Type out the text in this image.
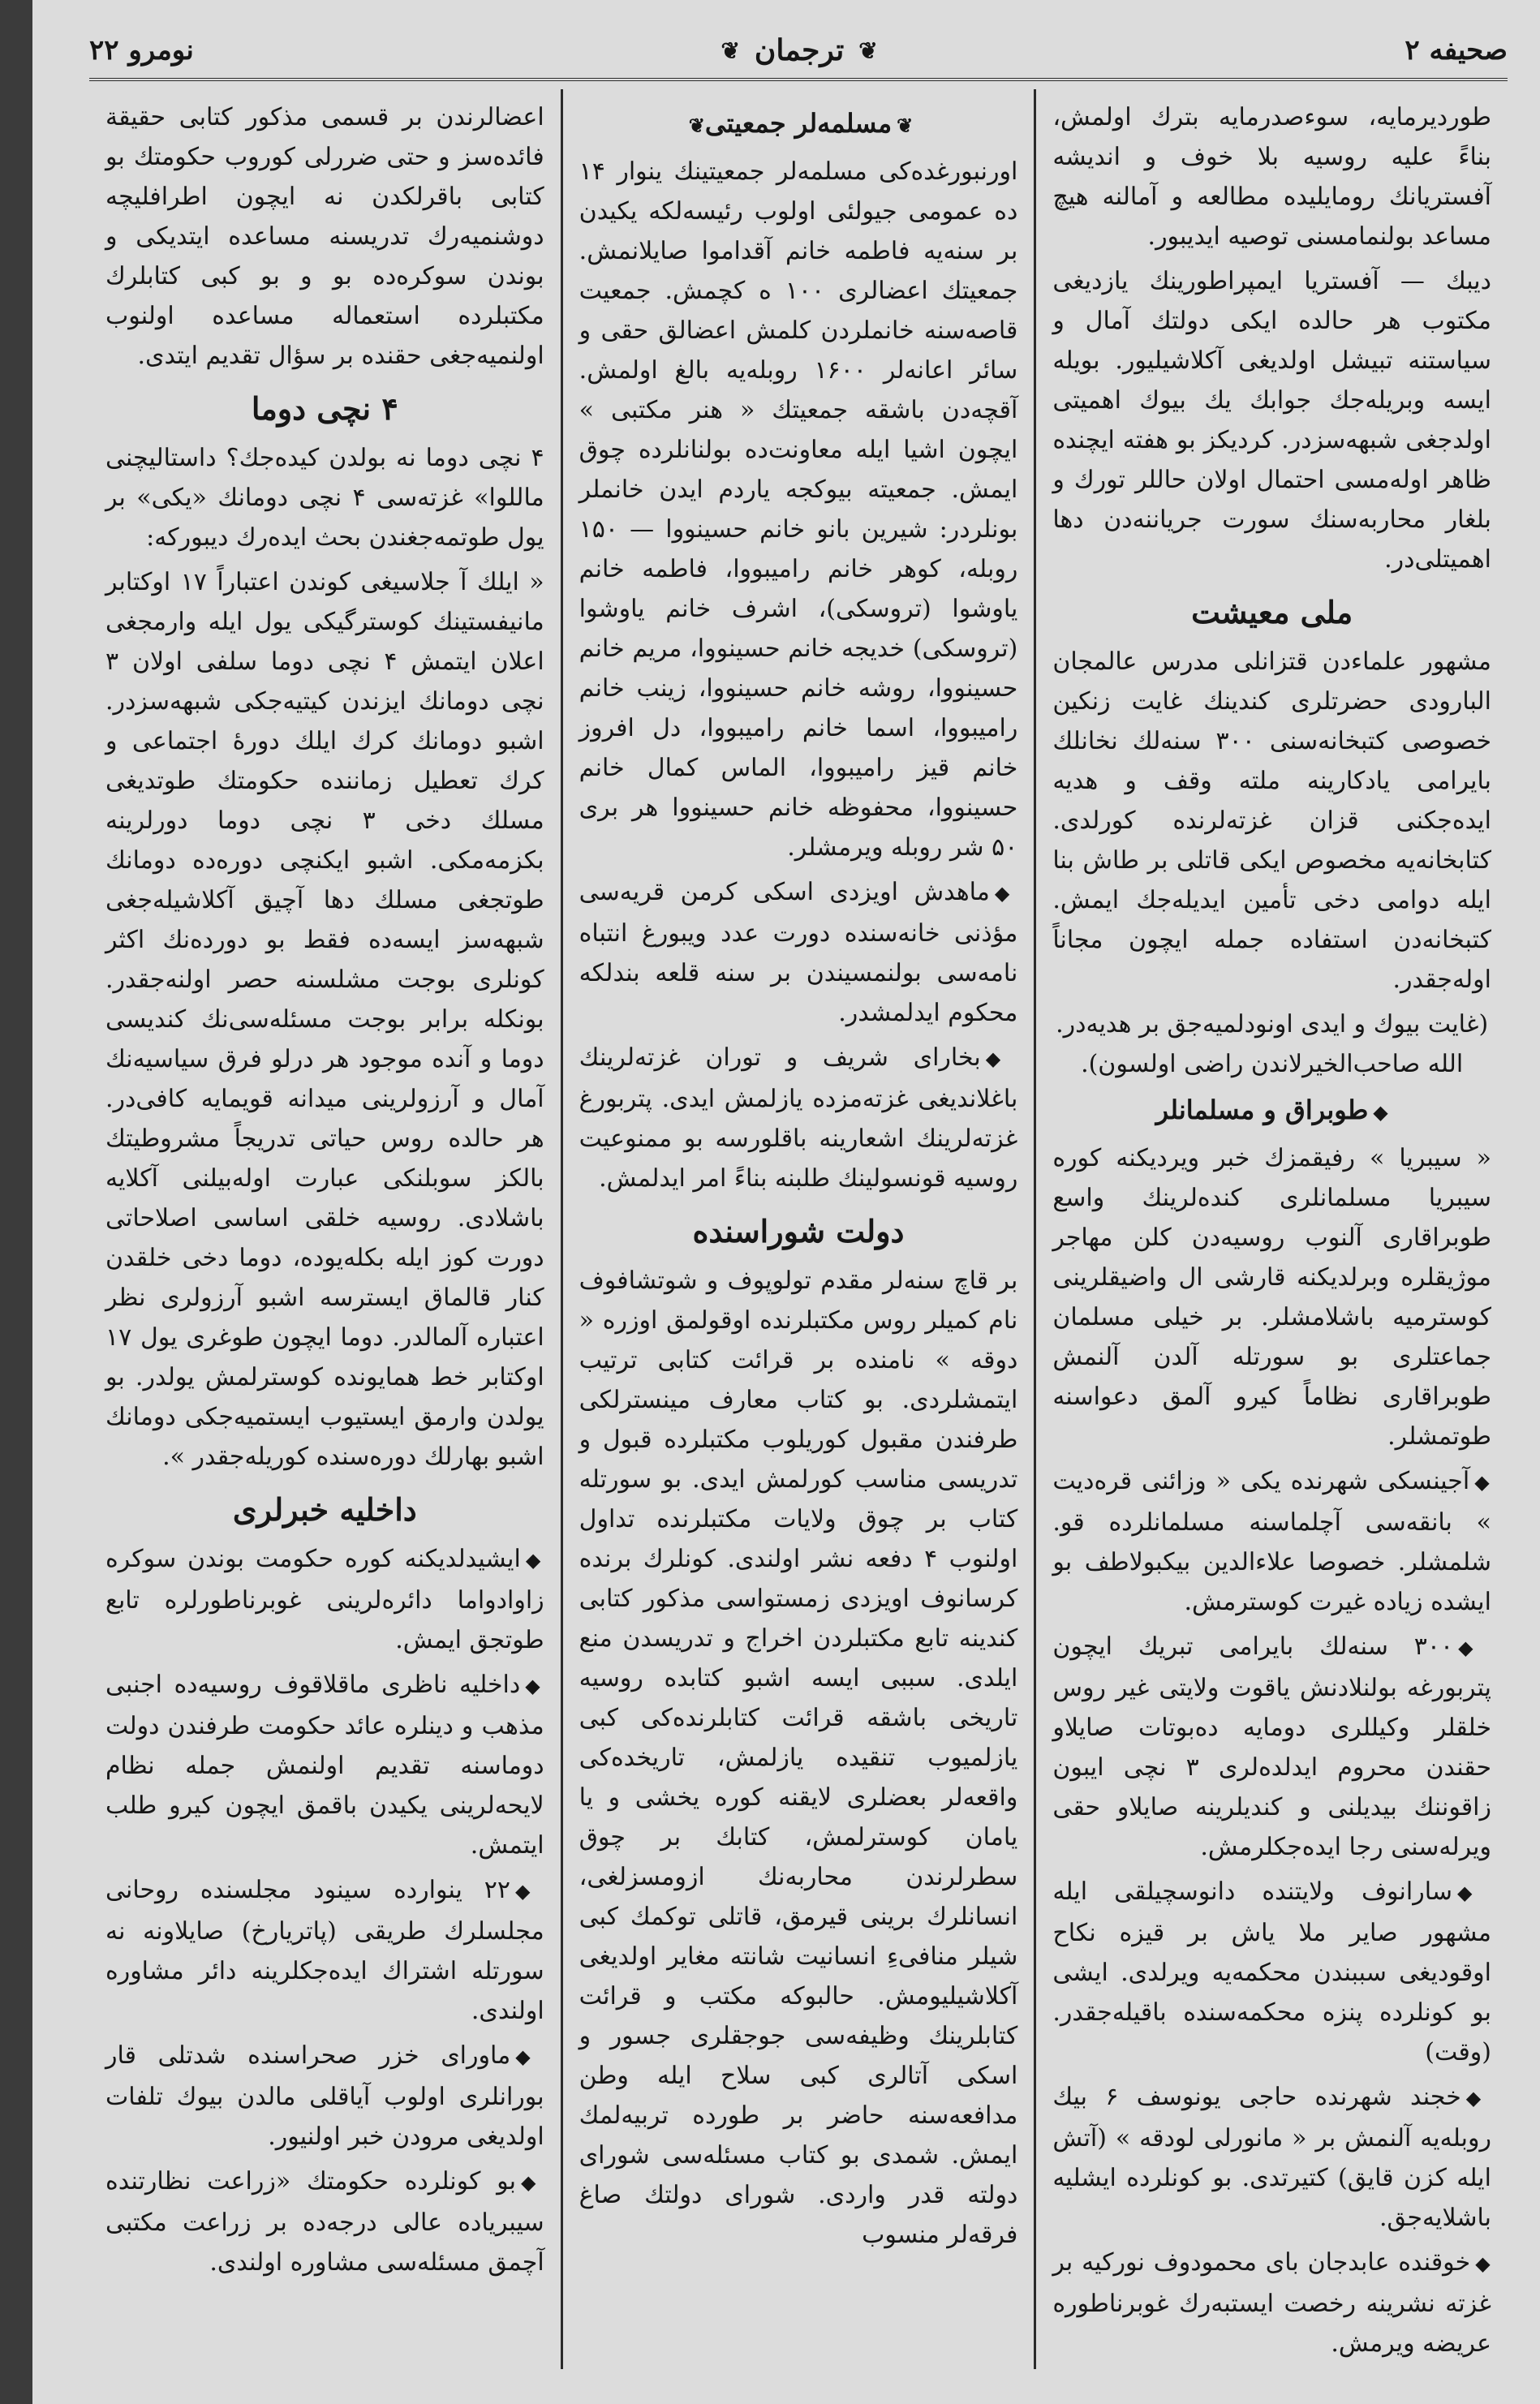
صحیفه ۲
❦
ترجمان
❦
نومرو ۲۲

طورديرمايه، سوءصدرمايه بترك اولمش، بناءً عليه روسيه بلا خوف و اندیشه آفستریانك رومایلیده مطالعه و آمالنه هيچ مساعد بولنمامسنی توصیه ایدیبور.

دیبك — آفستریا ایمپراطورینك یازدیغی مکتوب هر حالده ایكی دولتك آمال و سیاستنه تبیشل اولدیغی آكلاشیلیور. بویله ایسه وبریله‌جك جوابك یك بیوك اهمیتی اولدجغی شبهه‌سزدر. كردیكز بو هفته ایچنده ظاهر اوله‌مسی احتمال اولان حاللر تورك و بلغار محاربه‌سنك سورت جریاننه‌دن دها اهمیتلی‌در.

ملی معیشت

مشهور علماءدن قتزانلی مدرس عالمجان البارودی حضرتلری كندینك غایت زنكین خصوصی كتبخانه‌سنی ۳۰۰ سنه‌لك نخانلك بایرامی یادکارینه ملته وقف و هدیه ایده‌جکنی قزان غزته‌لرنده کورلدی. كتابخانه‌یه مخصوص ایكی قاتلی بر طاش بنا ایله دوامی دخی تأمین ایدیله‌جك ایمش. كتبخانه‌دن استفاده جمله ایچون مجاناً اوله‌جقدر.

(غایت بیوك و ایدی اونودلمیه‌جق بر هدیه‌در. الله صاحب‌الخیرلاندن راضی اولسون).

◆طوبراق و مسلمانلر

« سیبریا » رفیقمزك خبر ویردیکنه کوره سیبریا مسلمانلری کنده‌لرینك واسع طوبراقاری آلنوب روسیه‌دن کلن مهاجر موژیقلره وبرلدیکنه قارشی ال واضیقلرینی کوسترمیه باشلامشلر. بر خیلی مسلمان جماعتلری بو سورتله آلدن آلنمش طوبراقاری نظاماً کیرو آلمق دعواسنه طوتمشلر.

◆آجینسکی شهرنده یکی « وزائنی قره‌دیت » بانقه‌سی آچلماسنه مسلمانلرده قو. شلمشلر. خصوصا علاءالدین بیکبولاطف بو ایشده زیاده غیرت کوسترمش.

◆۳۰۰ سنه‌لك بایرامی تبریك ایچون پتربورغه بولنلادنش یاقوت ولایتی غیر روس خلقلر وکیللری دومایه ده‌بوتات صایلاو حقندن محروم ایدلده‌لری ۳ نچی ایبون زاقوننك بیدیلنی و کندیلرینه صایلاو حقی ویرله‌سنی رجا ایده‌جکلرمش.

◆سارانوف ولایتنده دانوسچیلقی ایله مشهور صایر ملا یاش بر قیزه نکاح اوقودیغی سببندن محکمه‌یه ویرلدی. ایشی بو کونلرده پنزه محکمه‌سنده باقیله‌جقدر. (وقت)

◆خجند شهرنده حاجی یونوسف ۶ بیك روبله‌یه آلنمش بر « مانورلی لودقه » (آتش ایله کزن قایق) کتیرتدی. بو کونلرده ایشلیه باشلایه‌جق.

◆خوقنده عابدجان بای محمودوف نورکیه بر غزته نشرینه رخصت ایستبه‌رك غوبرناطوره عریضه ویرمش.

❦مسلمه‌لر جمعیتی❦

اورنبورغده‌کی مسلمه‌لر جمعیتینك ینوار ۱۴ ده عمومی جیولئی اولوب رئیسه‌لکه یکیدن بر سنه‌یه فاطمه خانم آقداموا صایلانمش. جمعیتك اعضالری ۱۰۰ ه کچمش. جمعیت قاصه‌سنه خانملردن کلمش اعضالق حقی و سائر اعانه‌لر ۱۶۰۰ روبله‌یه بالغ اولمش. آقچه‌دن باشقه جمعیتك « هنر مکتبی » ایچون اشیا ایله معاونت‌ده بولنانلرده چوق ایمش. جمعیته بیوکجه یاردم ایدن خانملر بونلردر: شیرین بانو خانم حسینووا — ۱۵۰ روبله، کوهر خانم رامیبووا، فاطمه خانم یاوشوا (تروسکی)، اشرف خانم یاوشوا (تروسکی) خدیجه خانم حسینووا، مریم خانم حسینووا، روشه خانم حسینووا، زینب خانم رامیبووا، اسما خانم رامیبووا، دل افروز خانم قیز رامیبووا، الماس کمال خانم حسینووا، محفوظه خانم حسینووا هر بری ۵۰ شر روبله ویرمشلر.

◆ماهدش اویزدی اسکی کرمن قریه‌سی مؤذنی خانه‌سنده دورت عدد ویبورغ انتباه نامه‌سی بولنمسیندن بر سنه قلعه بندلکه محکوم ایدلمشدر.

◆بخارای شریف و توران غزته‌لرینك باغلاندیغی غزته‌مزده یازلمش ایدی. پتربورغ غزته‌لرینك اشعارینه باقلورسه بو ممنوعیت روسیه قونسولینك طلبنه بناءً امر ایدلمش.

دولت شوراسنده

بر قاچ سنه‌لر مقدم تولوپوف و شوتشافوف نام کمیلر روس مکتبلرنده اوقولمق اوزره « دوقه » نامنده بر قرائت کتابی ترتیب ایتمشلردی. بو کتاب معارف مینسترلکی طرفندن مقبول کوریلوب مکتبلرده قبول و تدریسی مناسب کورلمش ایدی. بو سورتله کتاب بر چوق ولایات مکتبلرنده تداول اولنوب ۴ دفعه نشر اولندی. کونلرك برنده کرسانوف اویزدی زمستواسی مذکور کتابی کندینه تابع مکتبلردن اخراج و تدریسدن منع ایلدی. سببی ایسه اشبو کتابده روسیه تاریخی باشقه قرائت کتابلرنده‌کی کبی یازلمیوب تنقیده یازلمش، تاریخده‌کی واقعه‌لر بعضلری لایقنه کوره یخشی و یا یامان کوسترلمش، کتابك بر چوق سطرلرندن محاربه‌نك ازومسزلغی، انسانلرك برینی قیرمق، قاتلی توکمك کبی شیلر منافیءِ انسانیت شانته مغایر اولدیغی آکلاشیلیومش. حالبوکه مکتب و قرائت کتابلرینك وظیفه‌سی جوجقلری جسور و اسکی آتالری کبی سلاح ایله وطن مدافعه‌سنه حاضر بر طورده تربیه‌لمك ایمش. شمدی بو کتاب مسئله‌سی شورای دولته قدر واردی. شورای دولتك صاغ فرقه‌لر منسوب

اعضالرندن بر قسمی مذکور کتابی حقیقة فائده‌سز و حتی ضررلی کوروب حکومتك بو کتابی باقرلکدن نه ایچون اطرافلیچه دوشنمیه‌رك تدریسنه مساعده ایتدیکی و بوندن سوکره‌ده بو و بو کبی کتابلرك مکتبلرده استعماله مساعده اولنوب اولنمیه‌جغی حقنده بر سؤال تقدیم ایتدی.

۴ نچی دوما

۴ نچی دوما نه بولدن کیده‌جك؟ داستالیچنی ماللوا» غزته‌سی ۴ نچی دومانك «یکی» بر یول طوتمه‌جغندن بحث ایده‌رك دیبورکه:

« ایلك آ جلاسیغی کوندن اعتباراً ۱۷ اوکتابر مانیفستینك کوسترگیکی یول ایله وارمجغی اعلان ایتمش ۴ نچی دوما سلفی اولان ۳ نچی دومانك ایزندن کیتیه‌جکی شبهه‌سزدر. اشبو دومانك کرك ایلك دورهٔ اجتماعی و کرك تعطیل زماننده حکومتك طوتدیغی مسلك دخی ۳ نچی دوما دورلرینه بکزمه‌مکی. اشبو ایکنچی دوره‌ده دومانك طوتجغی مسلك دها آچیق آکلاشیله‌جغی شبهه‌سز ایسه‌ده فقط بو دورده‌نك اکثر کونلری بوجت مشلسنه حصر اولنه‌جقدر. بونکله برابر بوجت مسئله‌سی‌نك کندیسی دوما و آنده موجود هر درلو فرق سیاسیه‌نك آمال و آرزولرینی میدانه قویمایه کافی‌در. هر حالده روس حیاتی تدریجاً مشروطیتك بالکز سوبلنکی عبارت اوله‌بیلنی آکلایه باشلادی. روسیه خلقی اساسی اصلاحاتی دورت کوز ایله بکله‌یوده، دوما دخی خلقدن کنار قالماق ایسترسه اشبو آرزولری نظر اعتباره آلمالدر. دوما ایچون طوغری یول ۱۷ اوکتابر خط همایونده کوسترلمش یولدر. بو یولدن وارمق ایستیوب ایستمیه‌جکی دومانك اشبو بهارلك دوره‌سنده کوریله‌جقدر ».

داخلیه خبرلری

◆ایشیدلدیکنه کوره حکومت بوندن سوکره زاوادواما دائره‌لرینی غوبرناطورلره تابع طوتجق ایمش.

◆داخلیه ناظری ماقلاقوف روسیه‌ده اجنبی مذهب و دینلره عائد حکومت طرفندن دولت دوماسنه تقدیم اولنمش جمله نظام لایحه‌لرینی یکیدن باقمق ایچون کیرو طلب ایتمش.

◆۲۲ ینوارده سینود مجلسنده روحانی مجلسلرك طریقی (پاتریارخ) صایلاونه نه سورتله اشتراك ایده‌جکلرینه دائر مشاوره اولندی.

◆ماورای خزر صحراسنده شدتلی قار بورانلری اولوب آیاقلی مالدن بیوك تلفات اولدیغی مرودن خبر اولنیور.

◆بو کونلرده حکومتك «زراعت نظارتنده سیبریاده عالی درجه‌ده بر زراعت مکتبی آچمق مسئله‌سی مشاوره اولندی.
